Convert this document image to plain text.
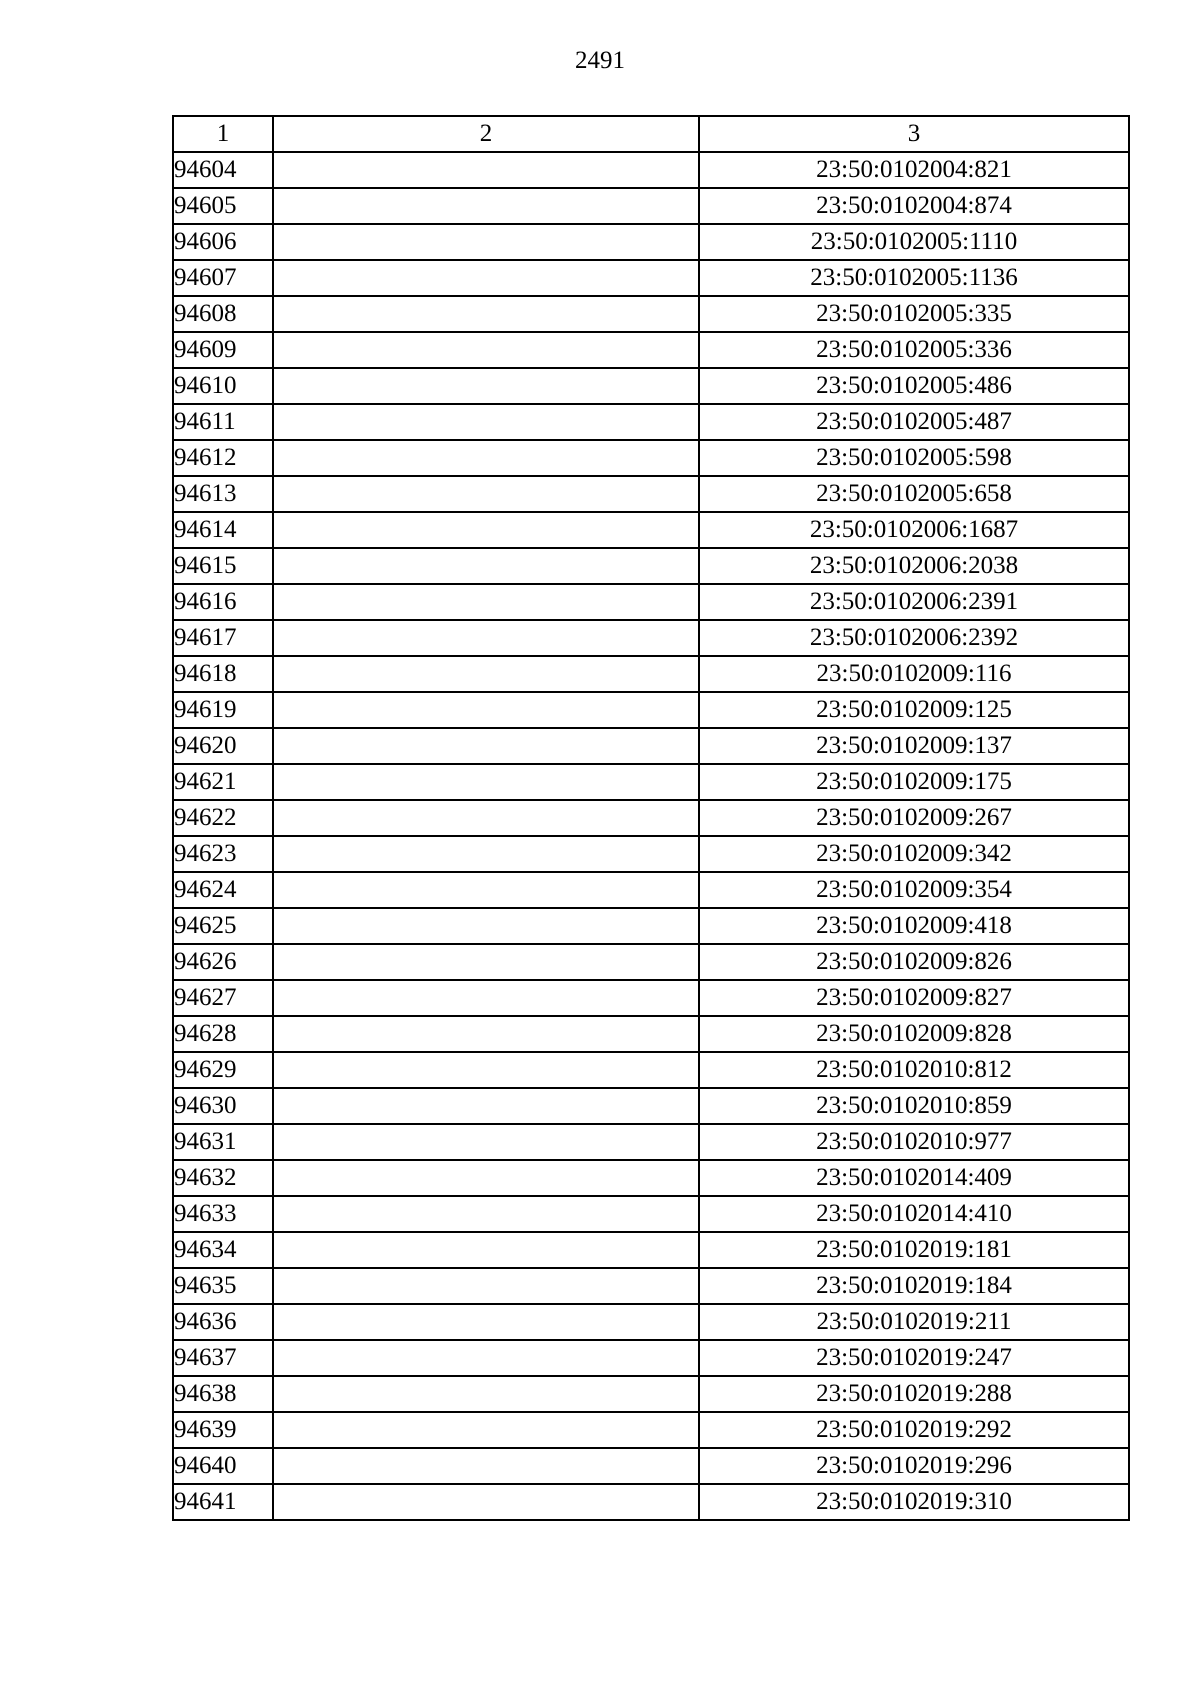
2491
1	2	3
94604		23:50:0102004:821
94605		23:50:0102004:874
94606		23:50:0102005:1110
94607		23:50:0102005:1136
94608		23:50:0102005:335
94609		23:50:0102005:336
94610		23:50:0102005:486
94611		23:50:0102005:487
94612		23:50:0102005:598
94613		23:50:0102005:658
94614		23:50:0102006:1687
94615		23:50:0102006:2038
94616		23:50:0102006:2391
94617		23:50:0102006:2392
94618		23:50:0102009:116
94619		23:50:0102009:125
94620		23:50:0102009:137
94621		23:50:0102009:175
94622		23:50:0102009:267
94623		23:50:0102009:342
94624		23:50:0102009:354
94625		23:50:0102009:418
94626		23:50:0102009:826
94627		23:50:0102009:827
94628		23:50:0102009:828
94629		23:50:0102010:812
94630		23:50:0102010:859
94631		23:50:0102010:977
94632		23:50:0102014:409
94633		23:50:0102014:410
94634		23:50:0102019:181
94635		23:50:0102019:184
94636		23:50:0102019:211
94637		23:50:0102019:247
94638		23:50:0102019:288
94639		23:50:0102019:292
94640		23:50:0102019:296
94641		23:50:0102019:310
